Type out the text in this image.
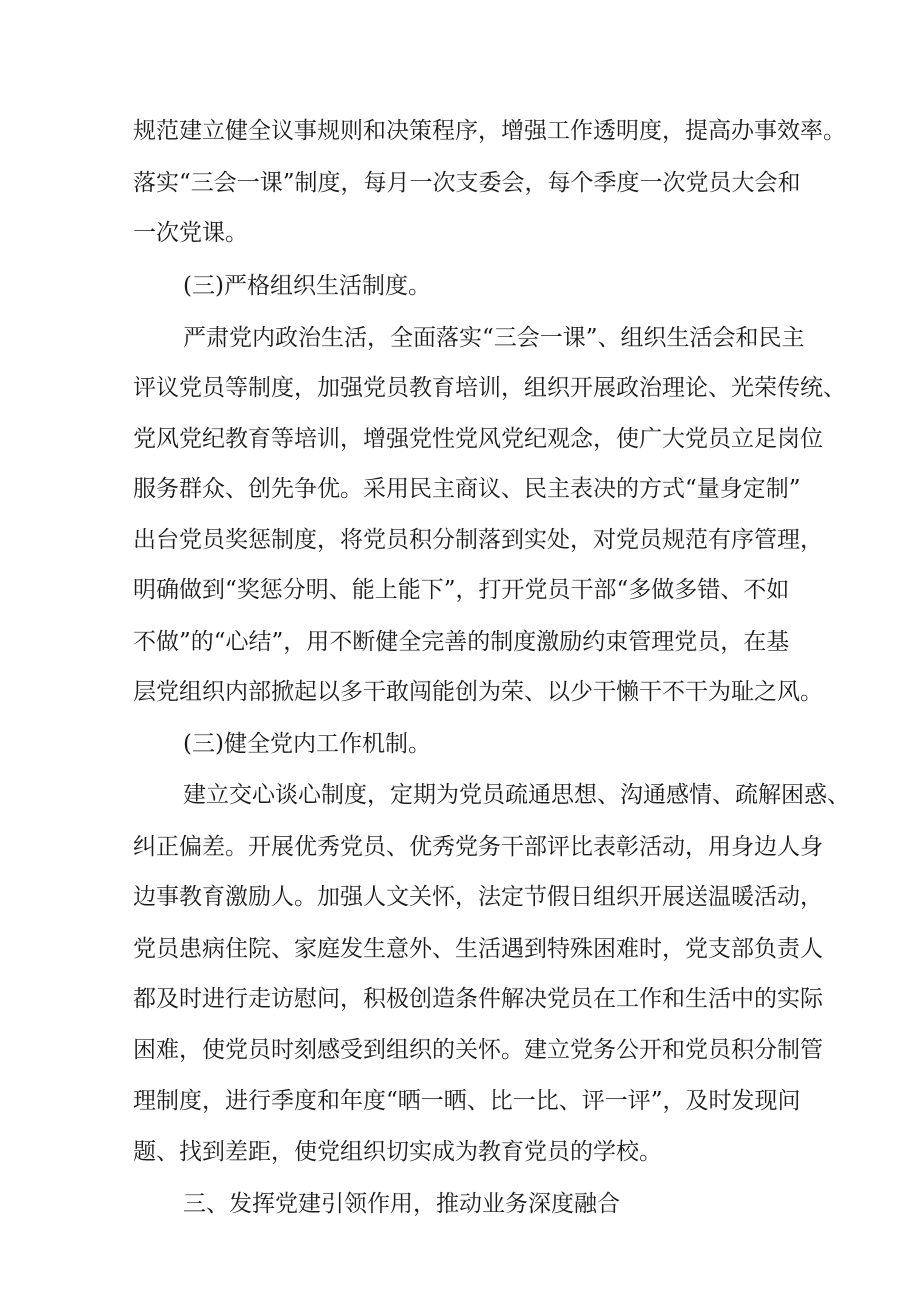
规范建立健全议事规则和决策程序，增强工作透明度，提高办事效率。
落实“三会一课”制度，每月一次支委会，每个季度一次党员大会和
一次党课。
(三)严格组织生活制度。
严肃党内政治生活，全面落实“三会一课”、组织生活会和民主
评议党员等制度，加强党员教育培训，组织开展政治理论、光荣传统、
党风党纪教育等培训，增强党性党风党纪观念，使广大党员立足岗位
服务群众、创先争优。采用民主商议、民主表决的方式“量身定制”
出台党员奖惩制度，将党员积分制落到实处，对党员规范有序管理，
明确做到“奖惩分明、能上能下”，打开党员干部“多做多错、不如
不做”的“心结”，用不断健全完善的制度激励约束管理党员，在基
层党组织内部掀起以多干敢闯能创为荣、以少干懒干不干为耻之风。
(三)健全党内工作机制。
建立交心谈心制度，定期为党员疏通思想、沟通感情、疏解困惑、
纠正偏差。开展优秀党员、优秀党务干部评比表彰活动，用身边人身
边事教育激励人。加强人文关怀，法定节假日组织开展送温暖活动，
党员患病住院、家庭发生意外、生活遇到特殊困难时，党支部负责人
都及时进行走访慰问，积极创造条件解决党员在工作和生活中的实际
困难，使党员时刻感受到组织的关怀。建立党务公开和党员积分制管
理制度，进行季度和年度“晒一晒、比一比、评一评”，及时发现问
题、找到差距，使党组织切实成为教育党员的学校。
三、发挥党建引领作用，推动业务深度融合
